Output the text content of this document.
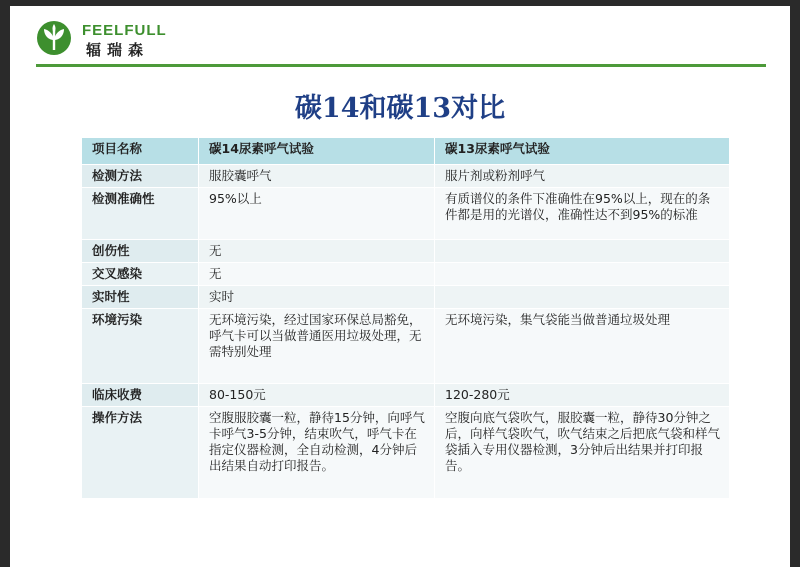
FEELFULL
辐瑞森
碳14和碳13对比
项目名称	碳14尿素呼气试验	碳13尿素呼气试验
检测方法	服胶囊呼气	服片剂或粉剂呼气
检测准确性	95%以上	有质谱仪的条件下准确性在95%以上，现在的条件都是用的光谱仪，准确性达不到95%的标准
创伤性	无	
交叉感染	无	
实时性	实时	
环境污染	无环境污染，经过国家环保总局豁免，呼气卡可以当做普通医用垃圾处理，无需特别处理	无环境污染，集气袋能当做普通垃圾处理
临床收费	80-150元	120-280元
操作方法	空腹服胶囊一粒，静待15分钟，向呼气卡呼气3-5分钟，结束吹气，呼气卡在指定仪器检测，全自动检测，4分钟后出结果自动打印报告。	空腹向底气袋吹气，服胶囊一粒，静待30分钟之后，向样气袋吹气，吹气结束之后把底气袋和样气袋插入专用仪器检测，3分钟后出结果并打印报告。
